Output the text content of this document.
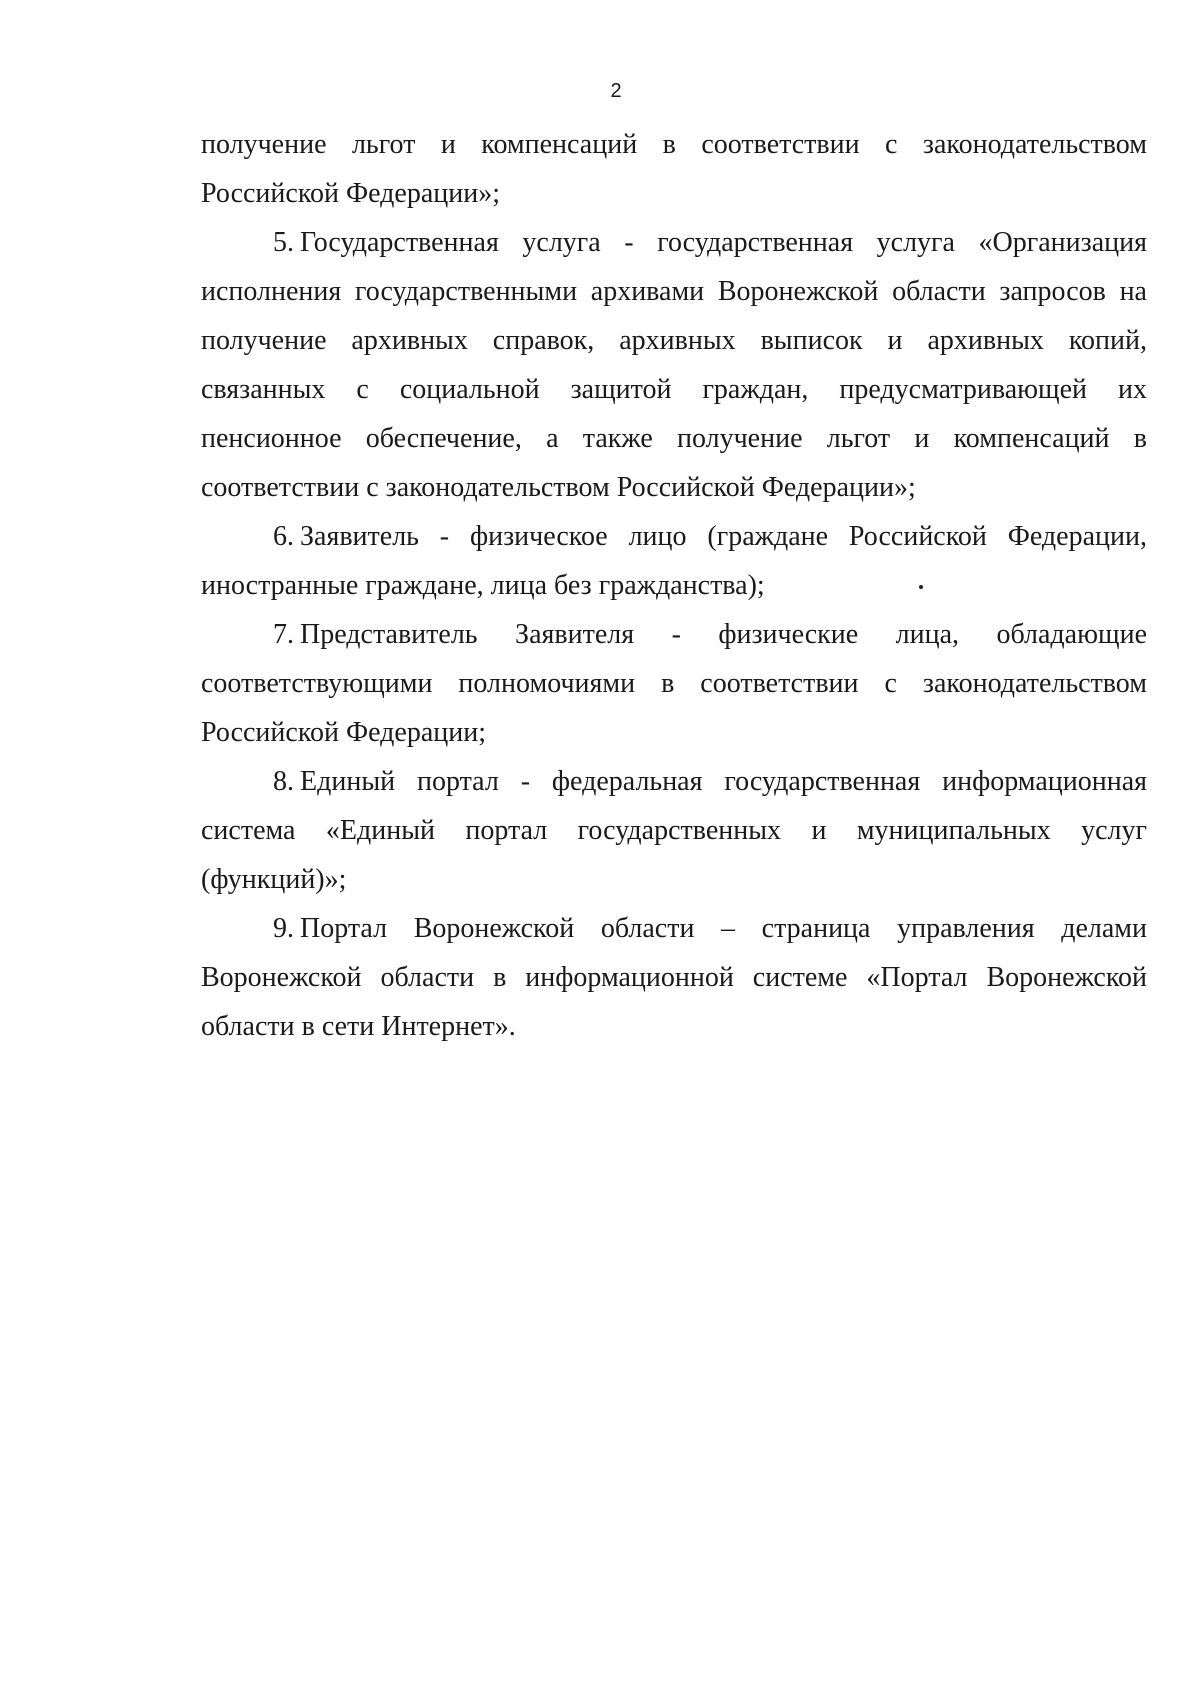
2

получение льгот и компенсаций в соответствии с законодательством Российской Федерации»;

5. Государственная услуга - государственная услуга «Организация исполнения государственными архивами Воронежской области запросов на получение архивных справок, архивных выписок и архивных копий, связанных с социальной защитой граждан, предусматривающей их пенсионное обеспечение, а также получение льгот и компенсаций в соответствии с законодательством Российской Федерации»;

6. Заявитель - физическое лицо (граждане Российской Федерации, иностранные граждане, лица без гражданства);

7. Представитель Заявителя - физические лица, обладающие соответствующими полномочиями в соответствии с законодательством Российской Федерации;

8. Единый портал - федеральная государственная информационная система «Единый портал государственных и муниципальных услуг (функций)»;

9. Портал Воронежской области – страница управления делами Воронежской области в информационной системе «Портал Воронежской области в сети Интернет».
